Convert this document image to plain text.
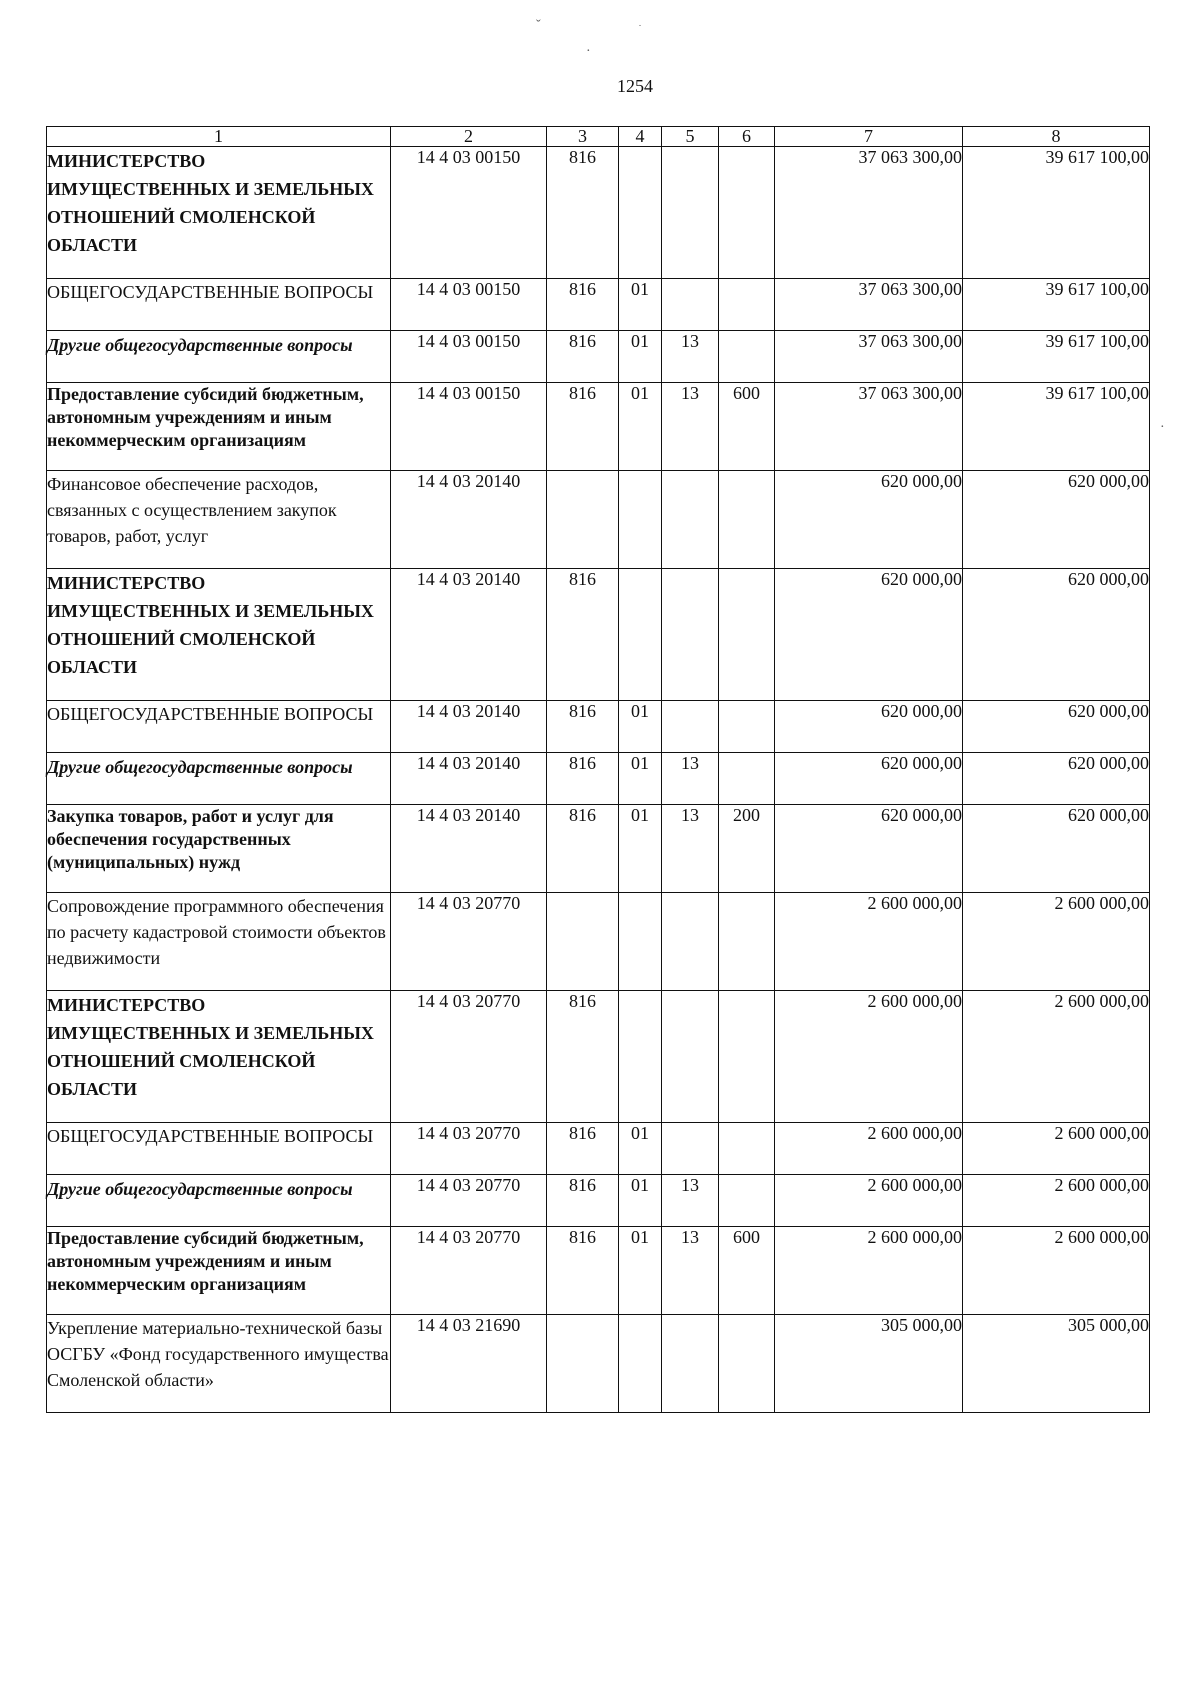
1254
ˇ
·
·
1	2	3	4	5	6	7	8
МИНИСТЕРСТВО ИМУЩЕСТВЕННЫХ И ЗЕМЕЛЬНЫХ ОТНОШЕНИЙ СМОЛЕНСКОЙ ОБЛАСТИ	14 4 03 00150	816				37 063 300,00	39 617 100,00
ОБЩЕГОСУДАРСТВЕННЫЕ ВОПРОСЫ	14 4 03 00150	816	01			37 063 300,00	39 617 100,00
Другие общегосударственные вопросы	14 4 03 00150	816	01	13		37 063 300,00	39 617 100,00
Предоставление субсидий бюджетным, автономным учреждениям и иным некоммерческим организациям	14 4 03 00150	816	01	13	600	37 063 300,00	39 617 100,00
Финансовое обеспечение расходов, связанных с осуществлением закупок товаров, работ, услуг	14 4 03 20140					620 000,00	620 000,00
МИНИСТЕРСТВО ИМУЩЕСТВЕННЫХ И ЗЕМЕЛЬНЫХ ОТНОШЕНИЙ СМОЛЕНСКОЙ ОБЛАСТИ	14 4 03 20140	816				620 000,00	620 000,00
ОБЩЕГОСУДАРСТВЕННЫЕ ВОПРОСЫ	14 4 03 20140	816	01			620 000,00	620 000,00
Другие общегосударственные вопросы	14 4 03 20140	816	01	13		620 000,00	620 000,00
Закупка товаров, работ и услуг для обеспечения государственных (муниципальных) нужд	14 4 03 20140	816	01	13	200	620 000,00	620 000,00
Сопровождение программного обеспечения по расчету кадастровой стоимости объектов недвижимости	14 4 03 20770					2 600 000,00	2 600 000,00
МИНИСТЕРСТВО ИМУЩЕСТВЕННЫХ И ЗЕМЕЛЬНЫХ ОТНОШЕНИЙ СМОЛЕНСКОЙ ОБЛАСТИ	14 4 03 20770	816				2 600 000,00	2 600 000,00
ОБЩЕГОСУДАРСТВЕННЫЕ ВОПРОСЫ	14 4 03 20770	816	01			2 600 000,00	2 600 000,00
Другие общегосударственные вопросы	14 4 03 20770	816	01	13		2 600 000,00	2 600 000,00
Предоставление субсидий бюджетным, автономным учреждениям и иным некоммерческим организациям	14 4 03 20770	816	01	13	600	2 600 000,00	2 600 000,00
Укрепление материально-технической базы ОСГБУ «Фонд государственного имущества Смоленской области»	14 4 03 21690					305 000,00	305 000,00
